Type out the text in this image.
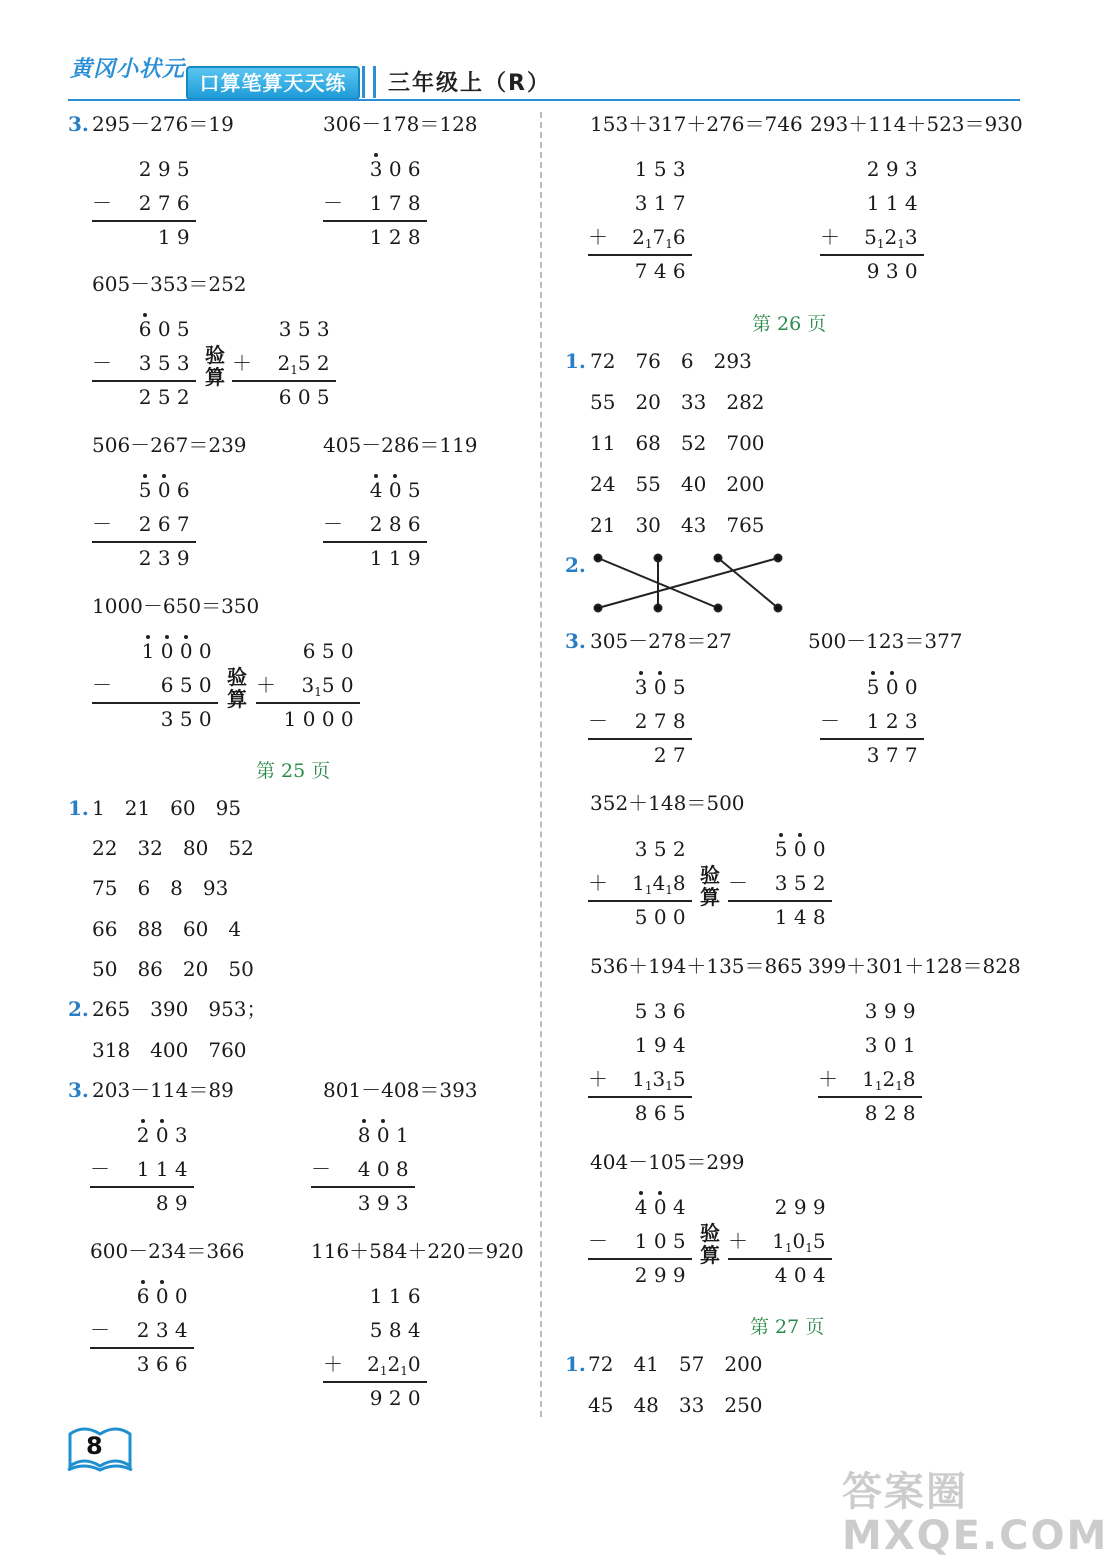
黄冈小状元
口算笔算天天练	三年级上（R）
3. 295－276＝19	306－178＝128
2 9 5
－ 2 7 6
1 9
3 0 6
－ 1 7 8
1 2 8
605－353＝252
6 0 5
－ 3 5 3
2 5 2
验算
3 5 3
＋ $2_15$ 2
6 0 5
506－267＝239	405－286＝119
5 0 6
－ 2 6 7
2 3 9
4 0 5
－ 2 8 6
1 1 9
1000－650＝350
1 0 0 0
－ 6 5 0
3 5 0
验算
6 5 0
＋ $3_15$ 0
1 0 0 0
第 25 页
1. 1　21　60　95
22　32　80　52
75　6　8　93
66　88　60　4
50　86　20　50
2. 265　390　953；
318　400　760
3. 203－114＝89	801－408＝393
2 0 3
－ 1 1 4
8 9
8 0 1
－ 4 0 8
3 9 3
600－234＝366	116＋584＋220＝920
6 0 0
－ 2 3 4
3 6 6
1 1 6
5 8 4
＋ $2_12_10$
9 2 0
153＋317＋276＝746 293＋114＋523＝930
1 5 3
3 1 7
＋ $2_17_16$
7 4 6
2 9 3
1 1 4
＋ $5_12_13$
9 3 0
第 26 页
1. 72　76　6　293
55　20　33　282
11　68　52　700
24　55　40　200
21　30　43　765
2.
3. 305－278＝27	500－123＝377
3 0 5
－ 2 7 8
2 7
5 0 0
－ 1 2 3
3 7 7
352＋148＝500
3 5 2
＋ $1_14_18$
5 0 0
验算
5 0 0
－ 3 5 2
1 4 8
536＋194＋135＝865 399＋301＋128＝828
5 3 6
1 9 4
＋ $1_13_15$
8 6 5
3 9 9
3 0 1
＋ $1_12_18$
8 2 8
404－105＝299
4 0 4
－ 1 0 5
2 9 9
验算
2 9 9
＋ $1_10_15$
4 0 4
第 27 页
1. 72　41　57　200
45　48　33　250
8
答案圈 MXQE.COM
